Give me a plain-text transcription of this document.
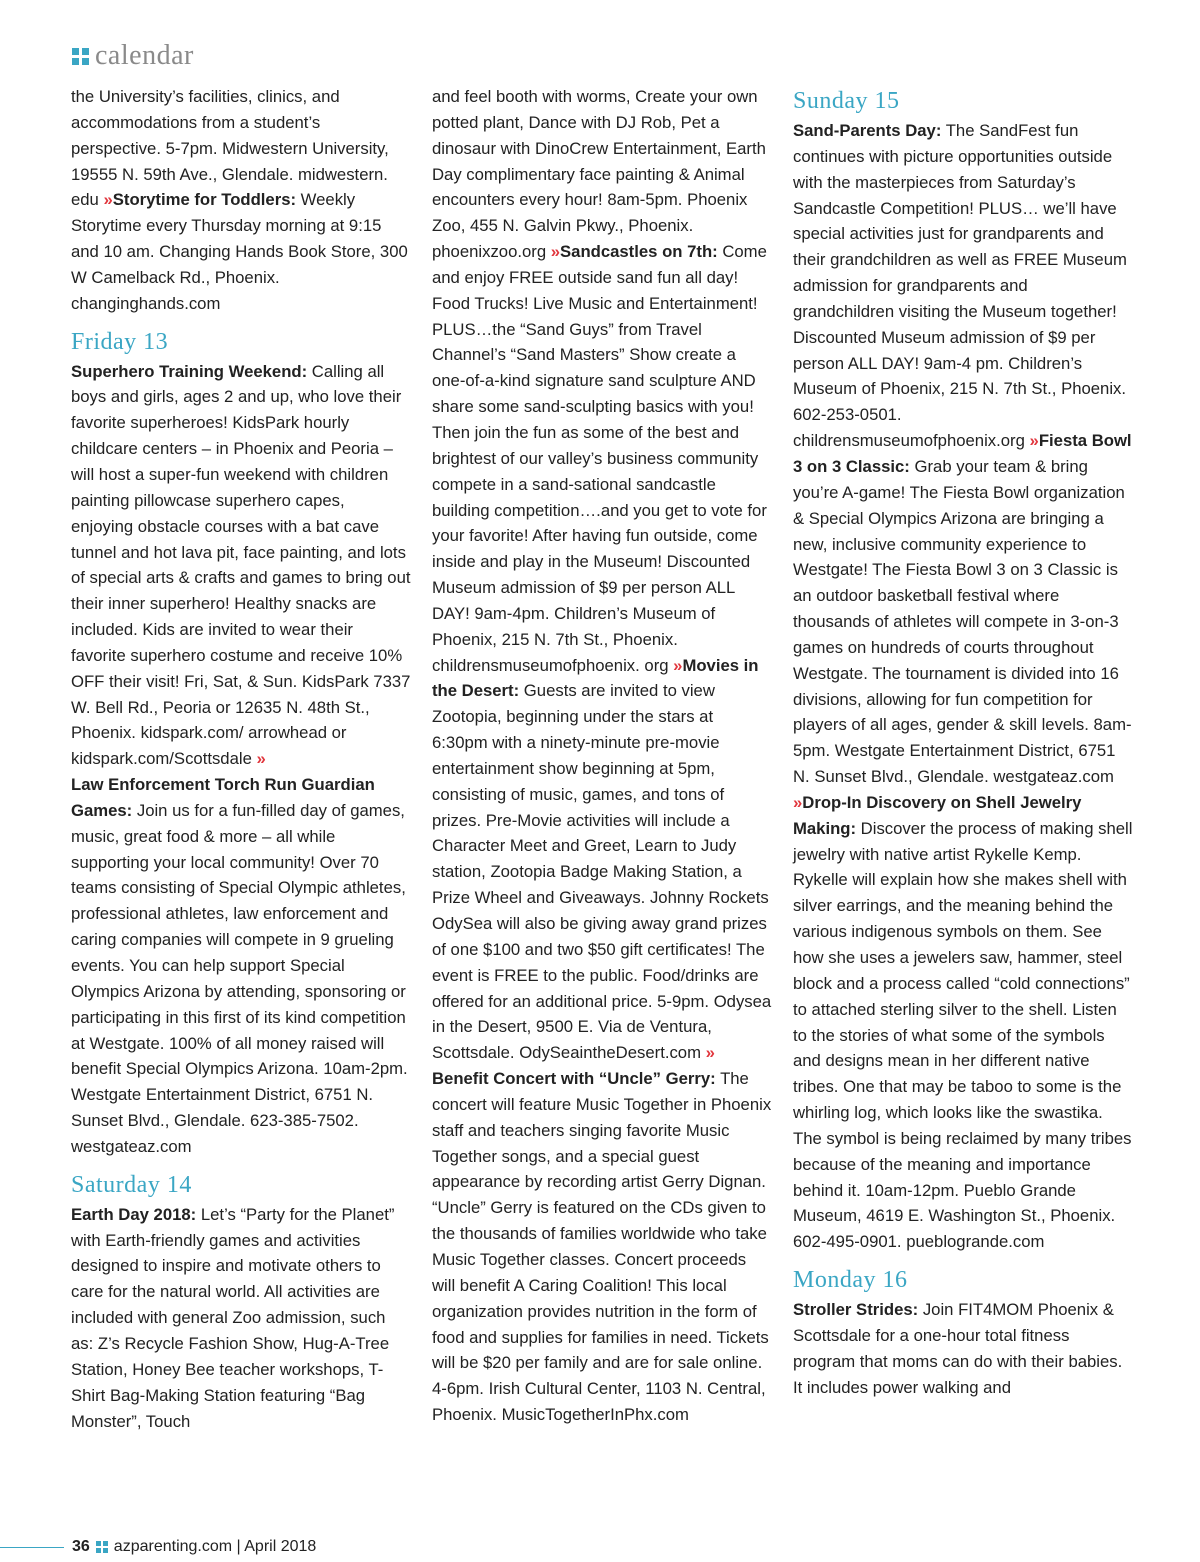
calendar

the University’s facilities, clinics, and accommodations from a student’s perspective. 5-7pm. Midwestern University, 19555 N. 59th Ave., Glendale. midwestern. edu »Storytime for Toddlers: Weekly Storytime every Thursday morning at 9:15 and 10 am. Changing Hands Book Store, 300 W Camelback Rd., Phoenix. changinghands.com

Friday 13

Superhero Training Weekend: Calling all boys and girls, ages 2 and up, who love their favorite superheroes! KidsPark hourly childcare centers – in Phoenix and Peoria – will host a super-fun weekend with children painting pillowcase superhero capes, enjoying obstacle courses with a bat cave tunnel and hot lava pit, face painting, and lots of special arts & crafts and games to bring out their inner superhero! Healthy snacks are included. Kids are invited to wear their favorite superhero costume and receive 10% OFF their visit! Fri, Sat, & Sun. KidsPark 7337 W. Bell Rd., Peoria or 12635 N. 48th St., Phoenix. kidspark.com/ arrowhead or kidspark.com/Scottsdale »
Law Enforcement Torch Run Guardian Games: Join us for a fun-filled day of games, music, great food & more – all while supporting your local community! Over 70 teams consisting of Special Olympic athletes, professional athletes, law enforcement and caring companies will compete in 9 grueling events. You can help support Special Olympics Arizona by attending, sponsoring or participating in this first of its kind competition at Westgate. 100% of all money raised will benefit Special Olympics Arizona. 10am-2pm. Westgate Entertainment District, 6751 N. Sunset Blvd., Glendale. 623-385-7502. westgateaz.com

Saturday 14

Earth Day 2018: Let’s “Party for the Planet” with Earth-friendly games and activities designed to inspire and motivate others to care for the natural world. All activities are included with general Zoo admission, such as: Z’s Recycle Fashion Show, Hug-A-Tree Station, Honey Bee teacher workshops, T-Shirt Bag-Making Station featuring “Bag Monster”, Touch

and feel booth with worms, Create your own potted plant, Dance with DJ Rob, Pet a dinosaur with DinoCrew Entertainment, Earth Day complimentary face painting & Animal encounters every hour! 8am-5pm. Phoenix Zoo, 455 N. Galvin Pkwy., Phoenix. phoenixzoo.org »Sandcastles on 7th: Come and enjoy FREE outside sand fun all day! Food Trucks! Live Music and Entertainment! PLUS…the “Sand Guys” from Travel Channel’s “Sand Masters” Show create a one-of-a-kind signature sand sculpture AND share some sand-sculpting basics with you! Then join the fun as some of the best and brightest of our valley’s business community compete in a sand-sational sandcastle building competition….and you get to vote for your favorite! After having fun outside, come inside and play in the Museum! Discounted Museum admission of $9 per person ALL DAY! 9am-4pm. Children’s Museum of Phoenix, 215 N. 7th St., Phoenix. childrensmuseumofphoenix. org »Movies in the Desert: Guests are invited to view Zootopia, beginning under the stars at 6:30pm with a ninety-minute pre-movie entertainment show beginning at 5pm, consisting of music, games, and tons of prizes. Pre-Movie activities will include a Character Meet and Greet, Learn to Judy station, Zootopia Badge Making Station, a Prize Wheel and Giveaways. Johnny Rockets OdySea will also be giving away grand prizes of one $100 and two $50 gift certificates! The event is FREE to the public. Food/drinks are offered for an additional price. 5-9pm. Odysea in the Desert, 9500 E. Via de Ventura, Scottsdale. OdySeaintheDesert.com »
Benefit Concert with “Uncle” Gerry: The concert will feature Music Together in Phoenix staff and teachers singing favorite Music Together songs, and a special guest appearance by recording artist Gerry Dignan. “Uncle” Gerry is featured on the CDs given to the thousands of families worldwide who take Music Together classes. Concert proceeds will benefit A Caring Coalition! This local organization provides nutrition in the form of food and supplies for families in need. Tickets will be $20 per family and are for sale online. 4-6pm. Irish Cultural Center, 1103 N. Central, Phoenix. MusicTogetherInPhx.com

Sunday 15

Sand-Parents Day: The SandFest fun continues with picture opportunities outside with the masterpieces from Saturday’s Sandcastle Competition! PLUS… we’ll have special activities just for grandparents and their grandchildren as well as FREE Museum admission for grandparents and grandchildren visiting the Museum together! Discounted Museum admission of $9 per person ALL DAY! 9am-4 pm. Children’s Museum of Phoenix, 215 N. 7th St., Phoenix. 602-253-0501. childrensmuseumofphoenix.org »Fiesta Bowl 3 on 3 Classic: Grab your team & bring you’re A-game! The Fiesta Bowl organization & Special Olympics Arizona are bringing a new, inclusive community experience to Westgate! The Fiesta Bowl 3 on 3 Classic is an outdoor basketball festival where thousands of athletes will compete in 3-on-3 games on hundreds of courts throughout Westgate. The tournament is divided into 16 divisions, allowing for fun competition for players of all ages, gender & skill levels. 8am-5pm. Westgate Entertainment District, 6751 N. Sunset Blvd., Glendale. westgateaz.com »Drop-In Discovery on Shell Jewelry Making: Discover the process of making shell jewelry with native artist Rykelle Kemp. Rykelle will explain how she makes shell with silver earrings, and the meaning behind the various indigenous symbols on them. See how she uses a jewelers saw, hammer, steel block and a process called “cold connections” to attached sterling silver to the shell. Listen to the stories of what some of the symbols and designs mean in her different native tribes. One that may be taboo to some is the whirling log, which looks like the swastika. The symbol is being reclaimed by many tribes because of the meaning and importance behind it. 10am-12pm. Pueblo Grande Museum, 4619 E. Washington St., Phoenix. 602-495-0901. pueblogrande.com

Monday 16

Stroller Strides: Join FIT4MOM Phoenix & Scottsdale for a one-hour total fitness program that moms can do with their babies. It includes power walking and

36 azparenting.com | April 2018
